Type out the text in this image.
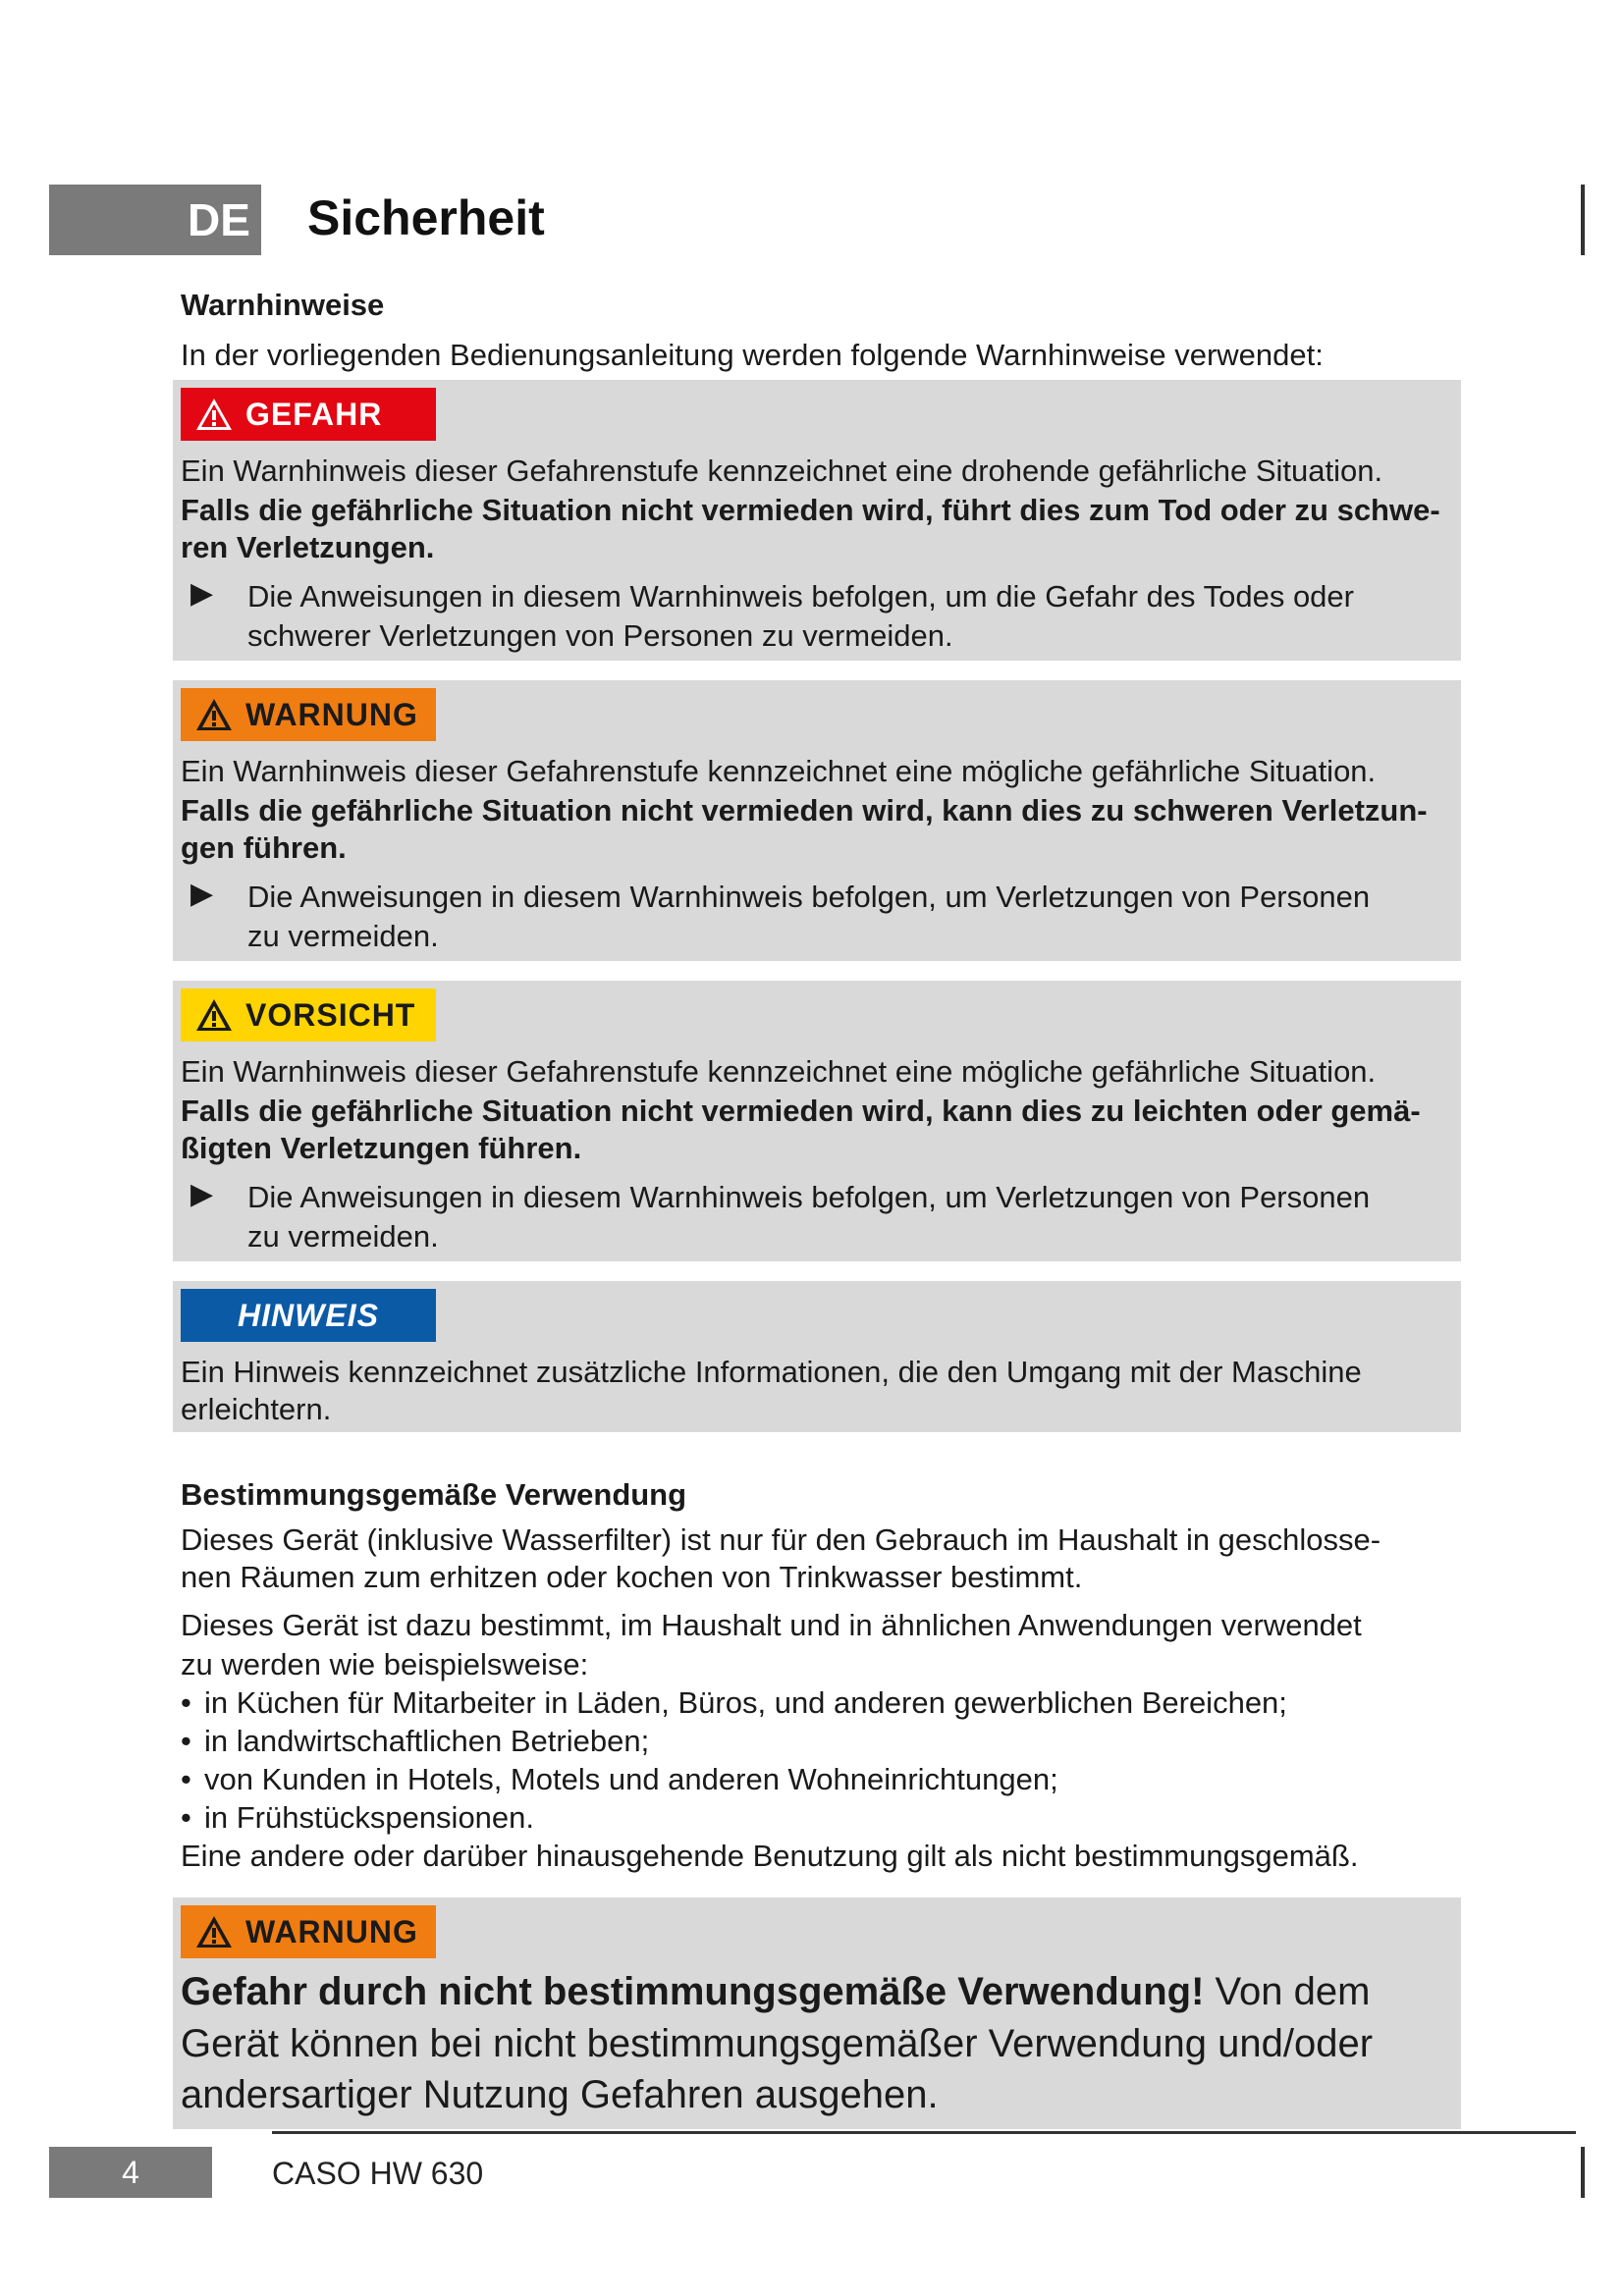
DE Sicherheit
Warnhinweise
In der vorliegenden Bedienungsanleitung werden folgende Warnhinweise verwendet:
GEFAHR
Ein Warnhinweis dieser Gefahrenstufe kennzeichnet eine drohende gefährliche Situation.
Falls die gefährliche Situation nicht vermieden wird, führt dies zum Tod oder zu schwe-
ren Verletzungen.
▶ Die Anweisungen in diesem Warnhinweis befolgen, um die Gefahr des Todes oder
schwerer Verletzungen von Personen zu vermeiden.
WARNUNG
Ein Warnhinweis dieser Gefahrenstufe kennzeichnet eine mögliche gefährliche Situation.
Falls die gefährliche Situation nicht vermieden wird, kann dies zu schweren Verletzun-
gen führen.
▶ Die Anweisungen in diesem Warnhinweis befolgen, um Verletzungen von Personen
zu vermeiden.
VORSICHT
Ein Warnhinweis dieser Gefahrenstufe kennzeichnet eine mögliche gefährliche Situation.
Falls die gefährliche Situation nicht vermieden wird, kann dies zu leichten oder gemä-
ßigten Verletzungen führen.
▶ Die Anweisungen in diesem Warnhinweis befolgen, um Verletzungen von Personen
zu vermeiden.
HINWEIS
Ein Hinweis kennzeichnet zusätzliche Informationen, die den Umgang mit der Maschine
erleichtern.
Bestimmungsgemäße Verwendung
Dieses Gerät (inklusive Wasserfilter) ist nur für den Gebrauch im Haushalt in geschlosse-
nen Räumen zum erhitzen oder kochen von Trinkwasser bestimmt.
Dieses Gerät ist dazu bestimmt, im Haushalt und in ähnlichen Anwendungen verwendet
zu werden wie beispielsweise:
• in Küchen für Mitarbeiter in Läden, Büros, und anderen gewerblichen Bereichen;
• in landwirtschaftlichen Betrieben;
• von Kunden in Hotels, Motels und anderen Wohneinrichtungen;
• in Frühstückspensionen.
Eine andere oder darüber hinausgehende Benutzung gilt als nicht bestimmungsgemäß.
WARNUNG
Gefahr durch nicht bestimmungsgemäße Verwendung! Von dem
Gerät können bei nicht bestimmungsgemäßer Verwendung und/oder
andersartiger Nutzung Gefahren ausgehen.
4	CASO HW 630
